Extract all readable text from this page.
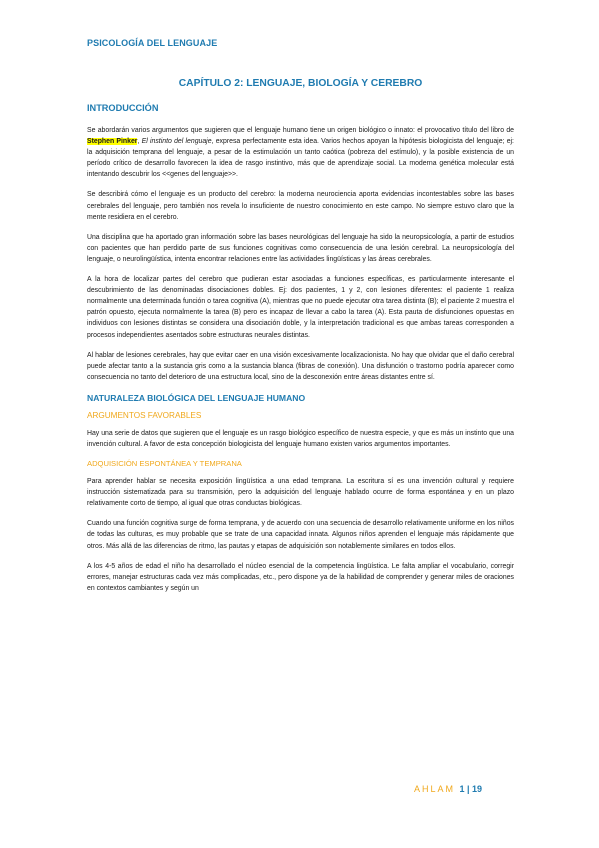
PSICOLOGÍA DEL LENGUAJE
CAPÍTULO 2: LENGUAJE, BIOLOGÍA Y CEREBRO
INTRODUCCIÓN

Se abordarán varios argumentos que sugieren que el lenguaje humano tiene un origen biológico o innato: el provocativo título del libro de Stephen Pinker, El instinto del lenguaje, expresa perfectamente esta idea. Varios hechos apoyan la hipótesis biologicista del lenguaje; ej: la adquisición temprana del lenguaje, a pesar de la estimulación un tanto caótica (pobreza del estímulo), y la posible existencia de un período crítico de desarrollo favorecen la idea de rasgo instintivo, más que de aprendizaje social. La moderna genética molecular está intentando descubrir los <<genes del lenguaje>>.

Se describirá cómo el lenguaje es un producto del cerebro: la moderna neurociencia aporta evidencias incontestables sobre las bases cerebrales del lenguaje, pero también nos revela lo insuficiente de nuestro conocimiento en este campo. No siempre estuvo claro que la mente residiera en el cerebro.

Una disciplina que ha aportado gran información sobre las bases neurológicas del lenguaje ha sido la neuropsicología, a partir de estudios con pacientes que han perdido parte de sus funciones cognitivas como consecuencia de una lesión cerebral. La neuropsicología del lenguaje, o neurolingüística, intenta encontrar relaciones entre las actividades lingüísticas y las áreas cerebrales.

A la hora de localizar partes del cerebro que pudieran estar asociadas a funciones específicas, es particularmente interesante el descubrimiento de las denominadas disociaciones dobles. Ej: dos pacientes, 1 y 2, con lesiones diferentes: el paciente 1 realiza normalmente una determinada función o tarea cognitiva (A), mientras que no puede ejecutar otra tarea distinta (B); el paciente 2 muestra el patrón opuesto, ejecuta normalmente la tarea (B) pero es incapaz de llevar a cabo la tarea (A). Esta pauta de disfunciones opuestas en individuos con lesiones distintas se considera una disociación doble, y la interpretación tradicional es que ambas tareas corresponden a procesos independientes asentados sobre estructuras neurales distintas.

Al hablar de lesiones cerebrales, hay que evitar caer en una visión excesivamente localizacionista. No hay que olvidar que el daño cerebral puede afectar tanto a la sustancia gris como a la sustancia blanca (fibras de conexión). Una disfunción o trastorno podría aparecer como consecuencia no tanto del deterioro de una estructura local, sino de la desconexión entre áreas distantes entre sí.

NATURALEZA BIOLÓGICA DEL LENGUAJE HUMANO
ARGUMENTOS FAVORABLES

Hay una serie de datos que sugieren que el lenguaje es un rasgo biológico específico de nuestra especie, y que es más un instinto que una invención cultural. A favor de esta concepción biologicista del lenguaje humano existen varios argumentos importantes.

ADQUISICIÓN ESPONTÁNEA Y TEMPRANA

Para aprender hablar se necesita exposición lingüística a una edad temprana. La escritura sí es una invención cultural y requiere instrucción sistematizada para su transmisión, pero la adquisición del lenguaje hablado ocurre de forma espontánea y en un plazo relativamente corto de tiempo, al igual que otras conductas biológicas.

Cuando una función cognitiva surge de forma temprana, y de acuerdo con una secuencia de desarrollo relativamente uniforme en los niños de todas las culturas, es muy probable que se trate de una capacidad innata. Algunos niños aprenden el lenguaje más rápidamente que otros. Más allá de las diferencias de ritmo, las pautas y etapas de adquisición son notablemente similares en todos ellos.

A los 4-5 años de edad el niño ha desarrollado el núcleo esencial de la competencia lingüística. Le falta ampliar el vocabulario, corregir errores, manejar estructuras cada vez más complicadas, etc., pero dispone ya de la habilidad de comprender y generar miles de oraciones en contextos cambiantes y según un

AHLAM 1 | 19
